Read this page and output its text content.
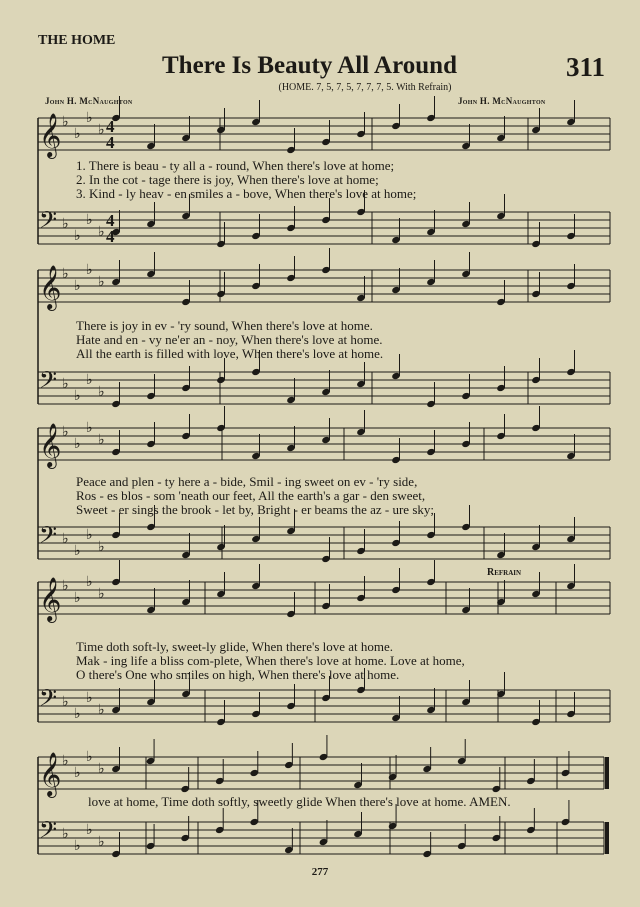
THE HOME
There Is Beauty All Around	311
(HOME. 7, 5, 7, 5, 7, 7, 7, 5. With Refrain)
John H. McNaughton	John H. McNaughton
𝄞 ♭
♭
♭
♭
𝄢 ♭
♭
♭
♭
4
4
4
4
𝄞 ♭
♭
♭
♭
𝄢 ♭
♭
♭
♭
𝄞 ♭
♭
♭
♭
𝄢 ♭
♭
♭
♭
𝄞 ♭
♭
♭
♭
𝄢 ♭
♭
♭
♭
𝄞 ♭
♭
♭
♭
𝄢 ♭
♭
♭
♭
1. There is beau - ty all a - round, When there's love at home;
2. In the cot - tage there is joy, When there's love at home;
3. Kind - ly heav - en smiles a - bove, When there's love at home;
There is joy in ev - 'ry sound, When there's love at home.
Hate and en - vy ne'er an - noy, When there's love at home.
All the earth is filled with love, When there's love at home.
Peace and plen - ty here a - bide, Smil - ing sweet on ev - 'ry side,
Ros - es blos - som 'neath our feet, All the earth's a gar - den sweet,
Sweet - er sings the brook - let by, Bright - er beams the az - ure sky;
Refrain
Time doth soft-ly, sweet-ly glide, When there's love at home.
Mak - ing life a bliss com-plete, When there's love at home. Love at home,
O there's One who smiles on high, When there's love at home.
love at home, Time doth softly, sweetly glide When there's love at home. AMEN.
277
